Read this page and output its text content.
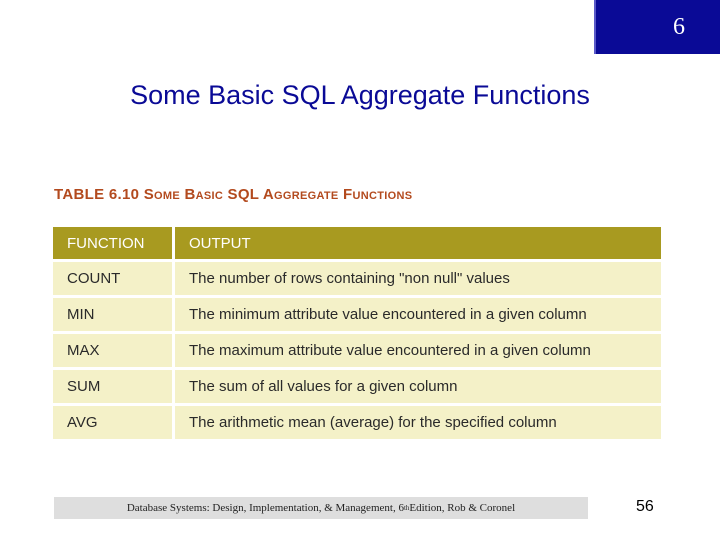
6
Some Basic SQL Aggregate Functions
TABLE 6.10 Some Basic SQL Aggregate Functions
FUNCTION	OUTPUT
COUNT	The number of rows containing "non null" values
MIN	The minimum attribute value encountered in a given column
MAX	The maximum attribute value encountered in a given column
SUM	The sum of all values for a given column
AVG	The arithmetic mean (average) for the specified column
Database Systems: Design, Implementation, & Management, 6 th Edition, Rob & Coronel	56
